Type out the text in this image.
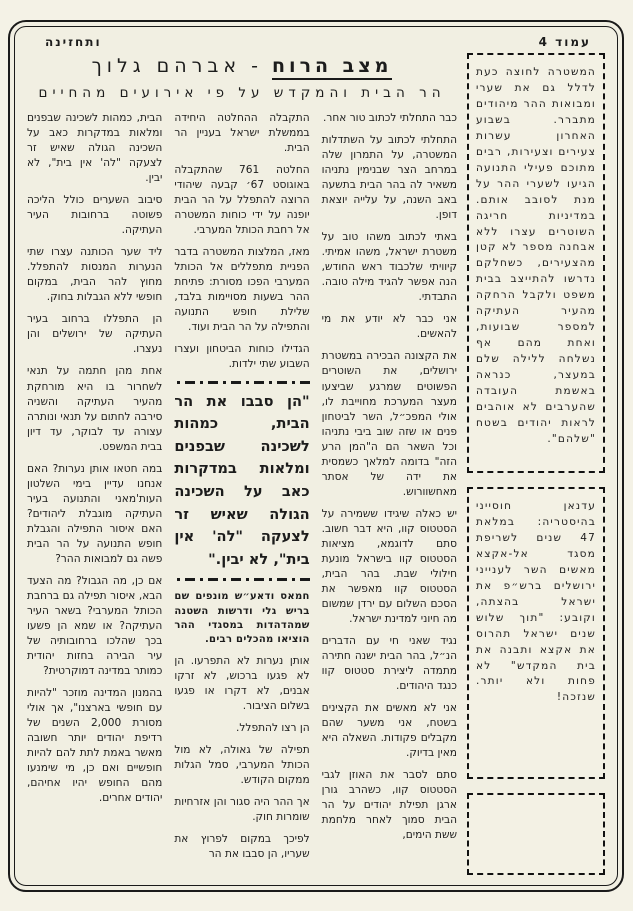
עמוד 4
ותחזינה

המשטרה לחוצה כעת לדלל גם את שערי ומבואות ההר מיהודים מתברר. בשבוע האחרון עשרות צעירים וצעירות, רבים מתוכם פעילי התנועה הגיעו לשערי ההר על מנת לסובב אותם. במדיניות חריגה השוטרים עצרו ללא אבחנה מספר לא קטן מהצעירים, כשחלקם נדרשו להתייצב בבית משפט ולקבל הרחקה מהעיר העתיקה למספר שבועות, ואחת מהם אף נשלחה ללילה שלם במעצר, כנראה באשמת העובדה שהערבים לא אוהבים לראות יהודים בשטח "שלהם".

עדנאן חוסייני בהיסטריה: במלאת 47 שנים לשריפת מסגד אל-אקצא מאשים השר לענייני ירושלים ברש״פ את ישראל בהצתה, וקובע: "תוך שלוש שנים ישראל תהרוס את אקצא ותבנה את בית המקדש" לא פחות ולא יותר. שנזכה!

מצב הרוח - אברהם גלוך
הר הבית והמקדש על פי אירועים מהחיים

כבר התחלתי לכתוב טור אחר.

התחלתי לכתוב על השתדלות המשטרה, על התמרון שלה במרחב הצר שבנימין נתניהו משאיר לה בהר הבית בתשעה באב השנה, על עלייה יוצאת דופן.

באתי לכתוב משהו טוב על משטרת ישראל, משהו אמיתי. קיוויתי שלכבוד ראש החודש, הנה אפשר להגיד מילה טובה. התבדתי.

אני כבר לא יודע את מי להאשים.

את הקצונה הבכירה במשטרת ירושלים, את השוטרים הפשוטים שמרגע שביצעו מעצר המערכת מחוייבת לו, אולי המפכ״ל, השר לביטחון פנים או שזה שוב ביבי נתניהו וכל השאר הם ה"המן הרע הזה" בדומה למלאך כשמסית את ידה של אסתר מאחשוורוש.

יש כאלה שיגידו ששמירה על הסטטוס קוו, היא דבר חשוב. סתם לדוגמא, מציאות הסטטוס קוו בישראל מונעת חילולי שבת. בהר הבית, הסטטוס קוו מאפשר את הסכם השלום עם ירדן שמשום מה חיוני למדינת ישראל.

נגיד שאני חי עם הדברים הנ״ל, בהר הבית ישנה חתירה מתמדה ליצירת סטטוס קוו כנגד היהודים.

אני לא מאשים את הקצינים בשטח, אני משער שהם מקבלים פקודות. השאלה היא מאין בדיוק.

סתם לסבר את האוזן לגבי הסטטוס קוו, כשהרב גורן ארגן תפילת יהודים על הר הבית סמוך לאחר מלחמת ששת הימים,

התקבלה ההחלטה היחידה בממשלת ישראל בעניין הר הבית.

החלטה 761 שהתקבלה באוגוסט 67׳ קבעה שיהודי הרוצה להתפלל על הר הבית יופנה על ידי כוחות המשטרה אל רחבת הכותל המערבי.

מאז, המלצות המשטרה בדבר הפניית מתפללים אל הכותל המערבי הפכו מסורת: פתיחת ההר בשעות מסויימות בלבד, שלילת חופש התנועה והתפילה על הר הבית ועוד.

הגדילו כוחות הביטחון ועצרו השבוע שתי ילדות.

"הן סבבו את הר הבית, כמהות לשכינה שבפנים ומלאות במדקרות כאב על השכינה הגולה שאיש זר לצעקה "לה' אין בית", לא יבין."

חמאס ודאע״ש מונפים שם בריש גלי ודרשות השטנה שמהדהדות במסגדי ההר הוציאו מהכלים רבים.

אותן נערות לא התפרעו. הן לא פגעו ברכוש, לא זרקו אבנים, לא דקרו או פגעו בשלום הציבור.

הן רצו להתפלל.

תפילה של גאולה, לא מול הכותל המערבי, סמל הגלות ממקום הקודש.

אך ההר היה סגור והן אזרחיות שומרות חוק.

לפיכך במקום לפרוץ את שעריו, הן סבבו את הר

הבית, כמהות לשכינה שבפנים ומלאות במדקרות כאב על השכינה הגולה שאיש זר לצעקה "לה' אין בית", לא יבין.

סיבוב השערים כולל הליכה פשוטה ברחובות העיר העתיקה.

ליד שער הכותנה עצרו שתי הנערות המנסות להתפלל. מחוץ להר הבית, במקום חופשי ללא הגבלות בחוק.

הן התפללו ברחוב בעיר העתיקה של ירושלים והן נעצרו.

אחת מהן חתמה על תנאי לשחרור בו היא מורחקת מהעיר העתיקה והשניה סירבה לחתום על תנאי ונותרה עצורה עד לבוקר, עד דיון בבית המשפט.

במה חטאו אותן נערות? האם אנחנו עדיין בימי השלטון העות'מאני והתנועה בעיר העתיקה מוגבלת ליהודים? האם איסור התפילה והגבלת חופש התנועה על הר הבית פשה גם למבואות ההר?

אם כן, מה הגבול? מה הצעד הבא, איסור תפילה גם ברחבת הכותל המערבי? בשאר העיר העתיקה? או שמא הן פשעו בכך שהלכו ברחובותיה של עיר הבירה בחזות יהודית כמותר במדינה דמוקרטית?

בהמנון המדינה מוזכר "להיות עם חופשי בארצנו", אך אולי מסורת 2,000 השנים של רדיפת יהודים יותר חשובה מאשר באמת לתת להם להיות חופשיים ואם כן, מי שימנעו מהם החופש יהיו אחיהם, יהודים אחרים.
